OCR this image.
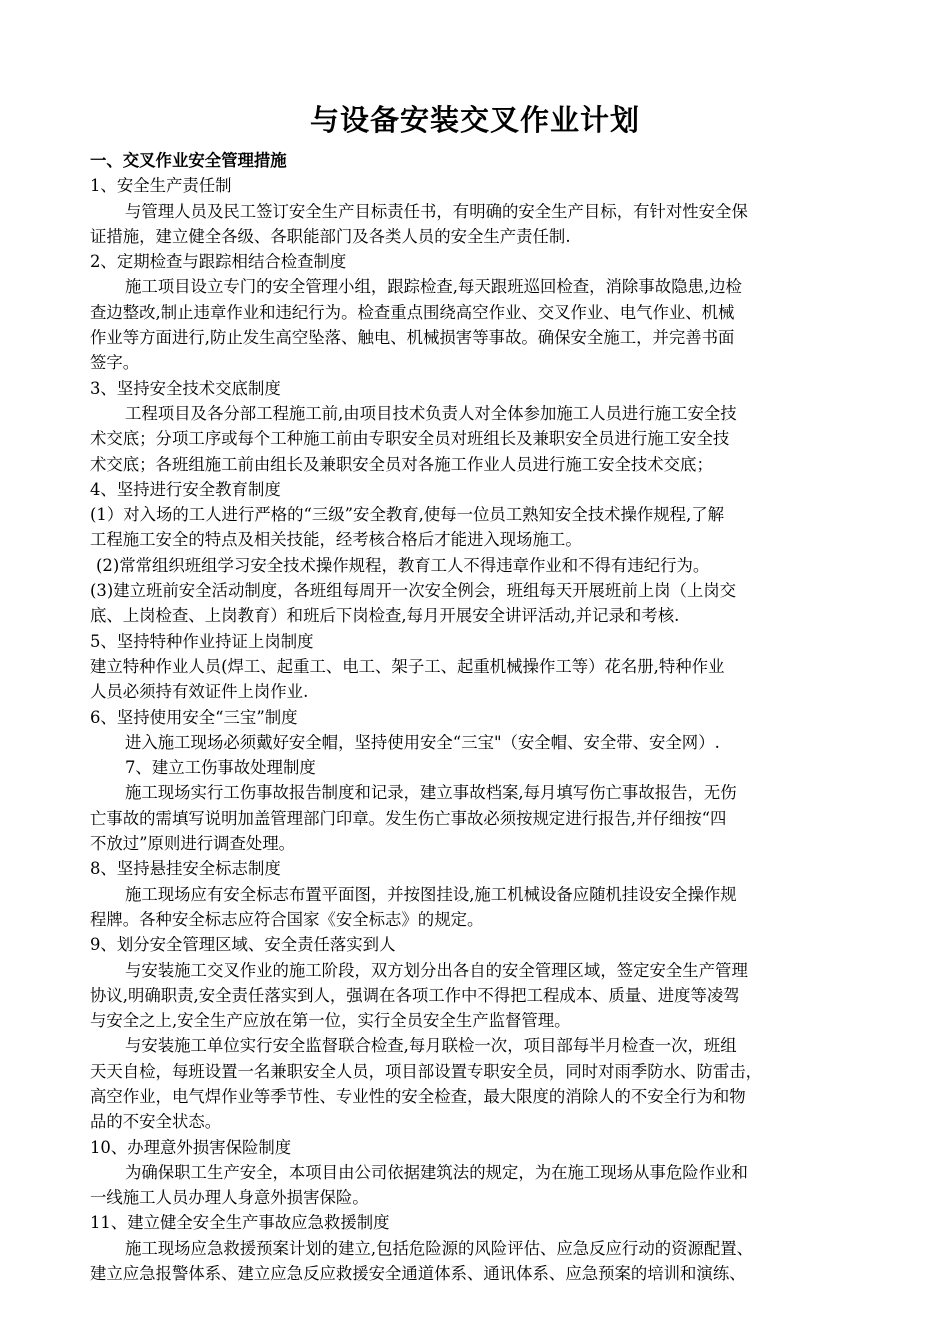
与设备安装交叉作业计划

一、交叉作业安全管理措施

1、安全生产责任制

与管理人员及民工签订安全生产目标责任书，有明确的安全生产目标，有针对性安全保

证措施，建立健全各级、各职能部门及各类人员的安全生产责任制.

2、定期检查与跟踪相结合检查制度

施工项目设立专门的安全管理小组，跟踪检查,每天跟班巡回检查，消除事故隐患,边检

查边整改,制止违章作业和违纪行为。检查重点围绕高空作业、交叉作业、电气作业、机械

作业等方面进行,防止发生高空坠落、触电、机械损害等事故。确保安全施工，并完善书面

签字。

3、坚持安全技术交底制度

工程项目及各分部工程施工前,由项目技术负责人对全体参加施工人员进行施工安全技

术交底；分项工序或每个工种施工前由专职安全员对班组长及兼职安全员进行施工安全技

术交底；各班组施工前由组长及兼职安全员对各施工作业人员进行施工安全技术交底；

4、坚持进行安全教育制度

(1）对入场的工人进行严格的“三级”安全教育,使每一位员工熟知安全技术操作规程,了解

工程施工安全的特点及相关技能，经考核合格后才能进入现场施工。

(2)常常组织班组学习安全技术操作规程，教育工人不得违章作业和不得有违纪行为。

(3)建立班前安全活动制度，各班组每周开一次安全例会，班组每天开展班前上岗（上岗交

底、上岗检查、上岗教育）和班后下岗检查,每月开展安全讲评活动,并记录和考核.

5、坚持特种作业持证上岗制度

建立特种作业人员(焊工、起重工、电工、架子工、起重机械操作工等）花名册,特种作业

人员必须持有效证件上岗作业.

6、坚持使用安全“三宝”制度

进入施工现场必须戴好安全帽，坚持使用安全“三宝"（安全帽、安全带、安全网）.

7、建立工伤事故处理制度

施工现场实行工伤事故报告制度和记录，建立事故档案,每月填写伤亡事故报告，无伤

亡事故的需填写说明加盖管理部门印章。发生伤亡事故必须按规定进行报告,并仔细按“四

不放过”原则进行调查处理。

8、坚持悬挂安全标志制度

施工现场应有安全标志布置平面图，并按图挂设,施工机械设备应随机挂设安全操作规

程牌。各种安全标志应符合国家《安全标志》的规定。

9、划分安全管理区域、安全责任落实到人

与安装施工交叉作业的施工阶段，双方划分出各自的安全管理区域，签定安全生产管理

协议,明确职责,安全责任落实到人，强调在各项工作中不得把工程成本、质量、进度等凌驾

与安全之上,安全生产应放在第一位，实行全员安全生产监督管理。

与安装施工单位实行安全监督联合检查,每月联检一次，项目部每半月检查一次，班组

天天自检，每班设置一名兼职安全人员，项目部设置专职安全员，同时对雨季防水、防雷击，

高空作业，电气焊作业等季节性、专业性的安全检查，最大限度的消除人的不安全行为和物

品的不安全状态。

10、办理意外损害保险制度

为确保职工生产安全，本项目由公司依据建筑法的规定，为在施工现场从事危险作业和

一线施工人员办理人身意外损害保险。

11、建立健全安全生产事故应急救援制度

施工现场应急救援预案计划的建立,包括危险源的风险评估、应急反应行动的资源配置、

建立应急报警体系、建立应急反应救援安全通道体系、通讯体系、应急预案的培训和演练、
